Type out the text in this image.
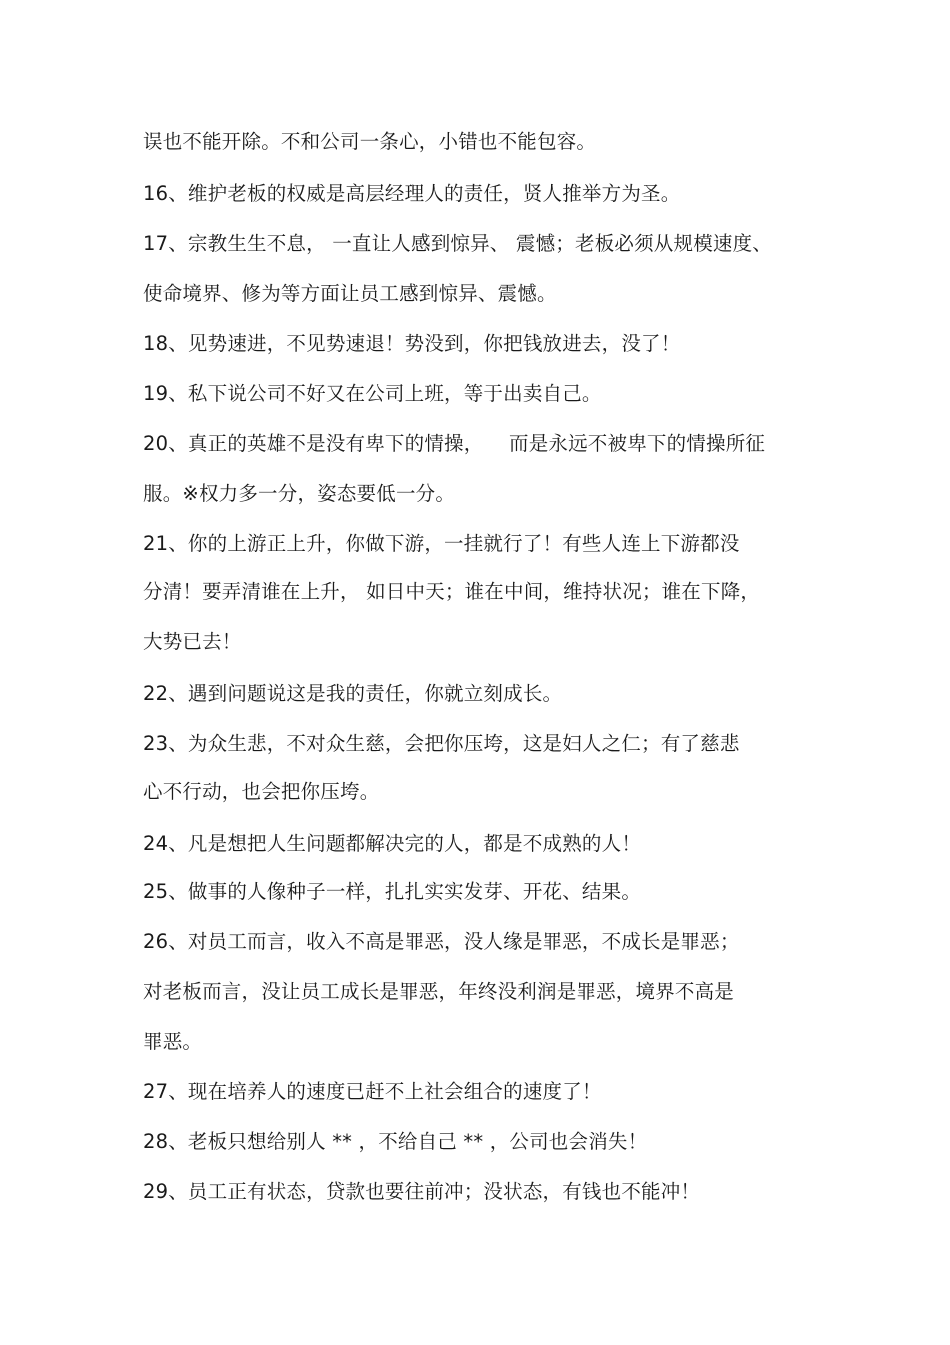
误也不能开除。不和公司一条心，小错也不能包容。
16、维护老板的权威是高层经理人的责任，贤人推举方为圣。
17、宗教生生不息， 一直让人感到惊异、 震憾；老板必须从规模速度、
使命境界、修为等方面让员工感到惊异、震憾。
18、见势速进，不见势速退！势没到，你把钱放进去，没了！
19、私下说公司不好又在公司上班，等于出卖自己。
20、真正的英雄不是没有卑下的情操，    而是永远不被卑下的情操所征
服。※权力多一分，姿态要低一分。
21、你的上游正上升，你做下游，一挂就行了！有些人连上下游都没
分清！要弄清谁在上升， 如日中天；谁在中间，维持状况；谁在下降，
大势已去！
22、遇到问题说这是我的责任，你就立刻成长。
23、为众生悲，不对众生慈，会把你压垮，这是妇人之仁；有了慈悲
心不行动，也会把你压垮。
24、凡是想把人生问题都解决完的人，都是不成熟的人！
25、做事的人像种子一样，扎扎实实发芽、开花、结果。
26、对员工而言，收入不高是罪恶，没人缘是罪恶，不成长是罪恶；
对老板而言，没让员工成长是罪恶，年终没利润是罪恶，境界不高是
罪恶。
27、现在培养人的速度已赶不上社会组合的速度了！
28、老板只想给别人 ** ，不给自己 ** ，公司也会消失！
29、员工正有状态，贷款也要往前冲；没状态，有钱也不能冲！
